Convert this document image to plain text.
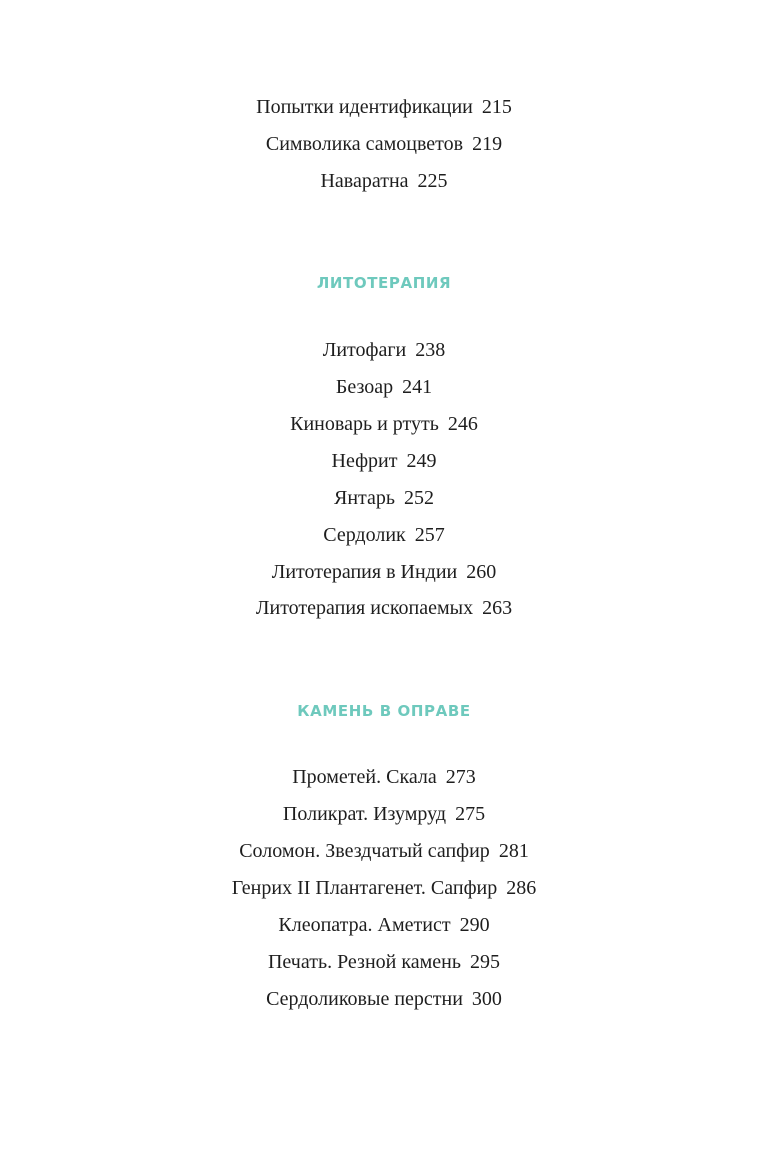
Попытки идентификации 215
Символика самоцветов 219
Наваратна 225
ЛИТОТЕРАПИЯ
Литофаги 238
Безоар 241
Киноварь и ртуть 246
Нефрит 249
Янтарь 252
Сердолик 257
Литотерапия в Индии 260
Литотерапия ископаемых 263
КАМЕНЬ В ОПРАВЕ
Прометей. Скала 273
Поликрат. Изумруд 275
Соломон. Звездчатый сапфир 281
Генрих II Плантагенет. Сапфир 286
Клеопатра. Аметист 290
Печать. Резной камень 295
Сердоликовые перстни 300
